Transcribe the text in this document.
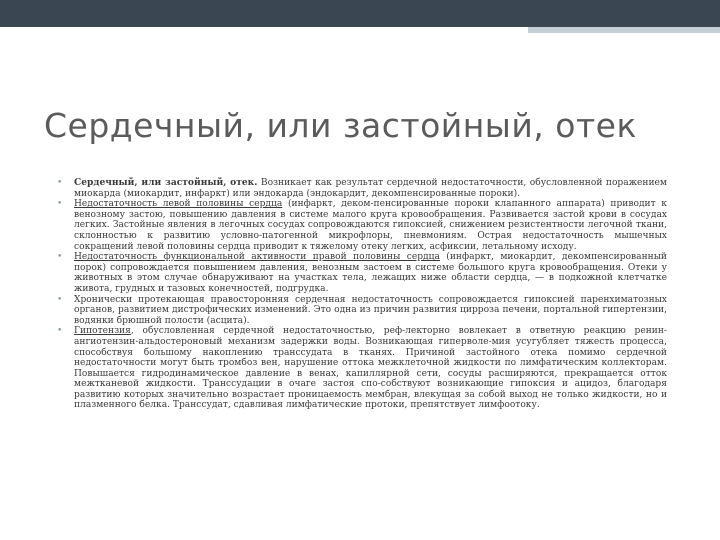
Сердечный, или застойный, отек
• Сердечный, или застойный, отек. Возникает как результат сердечной недостаточности, обусловленной поражением миокарда (миокардит, инфаркт) или эндокарда (эндокардит, декомпенсированные пороки).
• Недостаточность левой половины сердца (инфаркт, деком-пенсированные пороки клапанного аппарата) приводит к венозному застою, повышению давления в системе малого круга кровообращения. Развивается застой крови в сосудах легких. Застойные явления в легочных сосудах сопровождаются гипоксией, снижением резистентности легочной ткани, склонностью к развитию условно-патогенной микрофлоры, пневмониям. Острая недостаточность мышечных сокращений левой половины сердца приводит к тяжелому отеку легких, асфиксии, летальному исходу.
• Недостаточность функциональной активности правой половины сердца (инфаркт, миокардит, декомпенсированный порок) сопровождается повышением давления, венозным застоем в системе большого круга кровообращения. Отеки у животных в этом случае обнаруживают на участках тела, лежащих ниже области сердца, — в подкожной клетчатке живота, грудных и тазовых конечностей, подгрудка.
• Хронически протекающая правосторонняя сердечная недостаточность сопровождается гипоксией паренхиматозных органов, развитием дистрофических изменений. Это одна из причин развития цирроза печени, портальной гипертензии, водянки брюшной полости (асцита).
• Гипотензия, обусловленная сердечной недостаточностью, реф-лекторно вовлекает в ответную реакцию ренин-ангиотензин-альдостероновый механизм задержки воды. Возникающая гиперволе-мия усугубляет тяжесть процесса, способствуя большому накоплению транссудата в тканях. Причиной застойного отека помимо сердечной недостаточности могут быть тромбоз вен, нарушение оттока межклеточной жидкости по лимфатическим коллекторам. Повышается гидродинамическое давление в венах, капиллярной сети, сосуды расширяются, прекращается отток межтканевой жидкости. Транссудации в очаге застоя спо-собствуют возникающие гипоксия и ацидоз, благодаря развитию которых значительно возрастает проницаемость мембран, влекущая за собой выход не только жидкости, но и плазменного белка. Транссудат, сдавливая лимфатические протоки, препятствует лимфоотоку.
